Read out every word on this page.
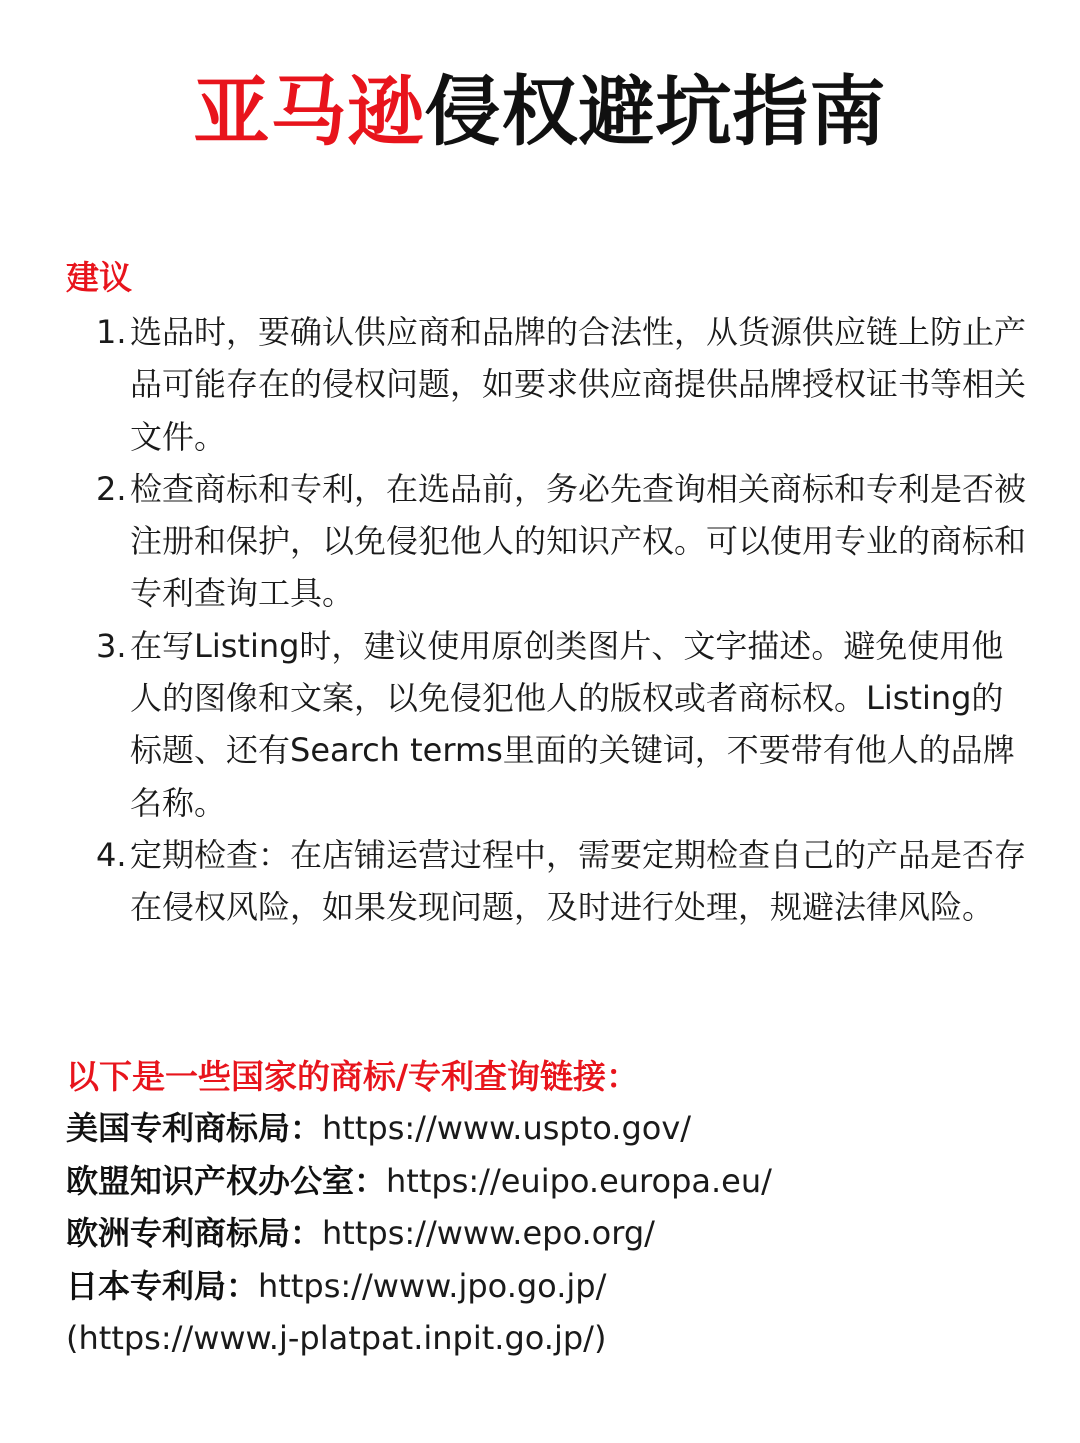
亚马逊侵权避坑指南
建议
1. 选品时，要确认供应商和品牌的合法性，从货源供应链上防止产品可能存在的侵权问题，如要求供应商提供品牌授权证书等相关文件。
2. 检查商标和专利，在选品前，务必先查询相关商标和专利是否被注册和保护，以免侵犯他人的知识产权。可以使用专业的商标和专利查询工具。
3. 在写Listing时，建议使用原创类图片、文字描述。避免使用他人的图像和文案，以免侵犯他人的版权或者商标权。Listing的标题、还有Search terms里面的关键词，不要带有他人的品牌名称。
4. 定期检查：在店铺运营过程中，需要定期检查自己的产品是否存在侵权风险，如果发现问题，及时进行处理，规避法律风险。
以下是一些国家的商标/专利查询链接：
美国专利商标局：https://www.uspto.gov/
欧盟知识产权办公室：https://euipo.europa.eu/
欧洲专利商标局：https://www.epo.org/
日本专利局：https://www.jpo.go.jp/
(https://www.j-platpat.inpit.go.jp/)
